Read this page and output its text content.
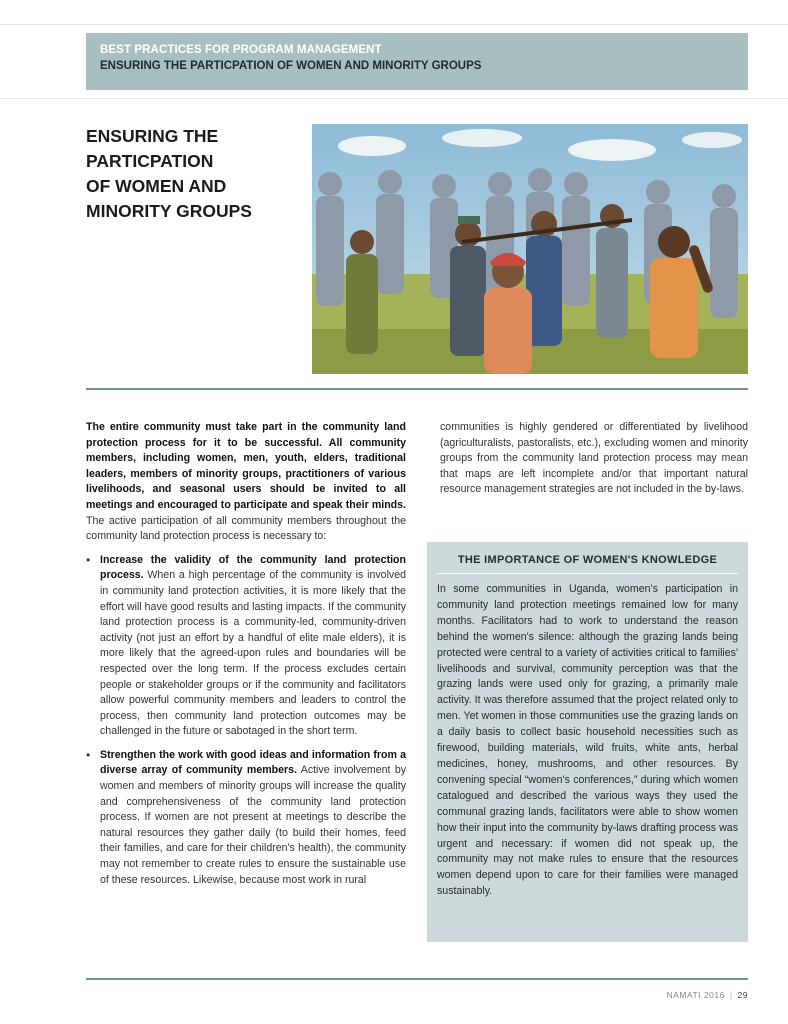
BEST PRACTICES FOR PROGRAM MANAGEMENT
ENSURING THE PARTICPATION OF WOMEN AND MINORITY GROUPS
ENSURING THE
PARTICPATION
OF WOMEN AND
MINORITY GROUPS

The entire community must take part in the community land protection process for it to be successful. All community members, including women, men, youth, elders, traditional leaders, members of minority groups, practitioners of various livelihoods, and seasonal users should be invited to all meetings and encouraged to participate and speak their minds. The active participation of all community members throughout the community land protection process is necessary to:

• Increase the validity of the community land protection process. When a high percentage of the community is involved in community land protection activities, it is more likely that the effort will have good results and lasting impacts. If the community land protection process is a community-led, community-driven activity (not just an effort by a handful of elite male elders), it is more likely that the agreed-upon rules and boundaries will be respected over the long term. If the process excludes certain people or stakeholder groups or if the community and facilitators allow powerful community members and leaders to control the process, then community land protection outcomes may be challenged in the future or sabotaged in the short term.
• Strengthen the work with good ideas and information from a diverse array of community members. Active involvement by women and members of minority groups will increase the quality and comprehensiveness of the community land protection process. If women are not present at meetings to describe the natural resources they gather daily (to build their homes, feed their families, and care for their children's health), the community may not remember to create rules to ensure the sustainable use of these resources. Likewise, because most work in rural

communities is highly gendered or differentiated by livelihood (agriculturalists, pastoralists, etc.), excluding women and minority groups from the community land protection process may mean that maps are left incomplete and/or that important natural resource management strategies are not included in the by-laws.

THE IMPORTANCE OF WOMEN'S KNOWLEDGE

In some communities in Uganda, women's participation in community land protection meetings remained low for many months. Facilitators had to work to understand the reason behind the women's silence: although the grazing lands being protected were central to a variety of activities critical to families' livelihoods and survival, community perception was that the grazing lands were used only for grazing, a primarily male activity. It was therefore assumed that the project related only to men. Yet women in those communities use the grazing lands on a daily basis to collect basic household necessities such as firewood, building materials, wild fruits, white ants, herbal medicines, honey, mushrooms, and other resources. By convening special “women's conferences,” during which women catalogued and described the various ways they used the communal grazing lands, facilitators were able to show women how their input into the community by-laws drafting process was urgent and necessary: if women did not speak up, the community may not make rules to ensure that the resources women depend upon to care for their families were managed sustainably.

NAMATI 2016 | 29
